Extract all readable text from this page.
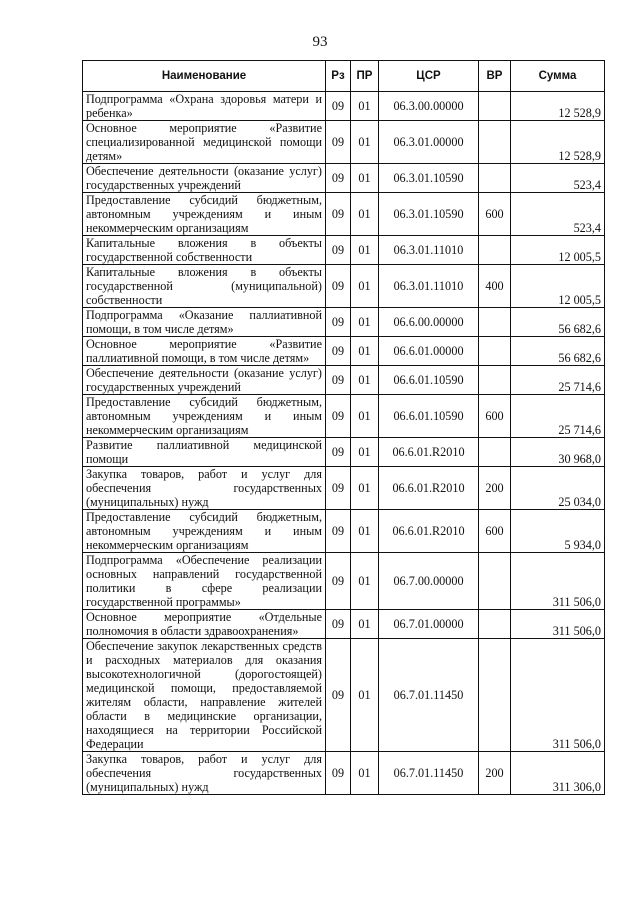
93
Наименование	Рз	ПР	ЦСР	ВР	Сумма
Подпрограмма «Охрана здоровья матери и ребенка»	09	01	06.3.00.00000		12 528,9
Основное мероприятие «Развитие специализированной медицинской помощи детям»	09	01	06.3.01.00000		12 528,9
Обеспечение деятельности (оказание услуг) государственных учреждений	09	01	06.3.01.10590		523,4
Предоставление субсидий бюджетным, автономным учреждениям и иным некоммерческим организациям	09	01	06.3.01.10590	600	523,4
Капитальные вложения в объекты государственной собственности	09	01	06.3.01.11010		12 005,5
Капитальные вложения в объекты государственной (муниципальной) собственности	09	01	06.3.01.11010	400	12 005,5
Подпрограмма «Оказание паллиативной помощи, в том числе детям»	09	01	06.6.00.00000		56 682,6
Основное мероприятие «Развитие паллиативной помощи, в том числе детям»	09	01	06.6.01.00000		56 682,6
Обеспечение деятельности (оказание услуг) государственных учреждений	09	01	06.6.01.10590		25 714,6
Предоставление субсидий бюджетным, автономным учреждениям и иным некоммерческим организациям	09	01	06.6.01.10590	600	25 714,6
Развитие паллиативной медицинской помощи	09	01	06.6.01.R2010		30 968,0
Закупка товаров, работ и услуг для обеспечения государственных (муниципальных) нужд	09	01	06.6.01.R2010	200	25 034,0
Предоставление субсидий бюджетным, автономным учреждениям и иным некоммерческим организациям	09	01	06.6.01.R2010	600	5 934,0
Подпрограмма «Обеспечение реализации основных направлений государственной политики в сфере реализации государственной программы»	09	01	06.7.00.00000		311 506,0
Основное мероприятие «Отдельные полномочия в области здравоохранения»	09	01	06.7.01.00000		311 506,0
Обеспечение закупок лекарственных средств и расходных материалов для оказания высокотехнологичной (дорогостоящей) медицинской помощи, предоставляемой жителям области, направление жителей области в медицинские организации, находящиеся на территории Российской Федерации	09	01	06.7.01.11450		311 506,0
Закупка товаров, работ и услуг для обеспечения государственных (муниципальных) нужд	09	01	06.7.01.11450	200	311 306,0
